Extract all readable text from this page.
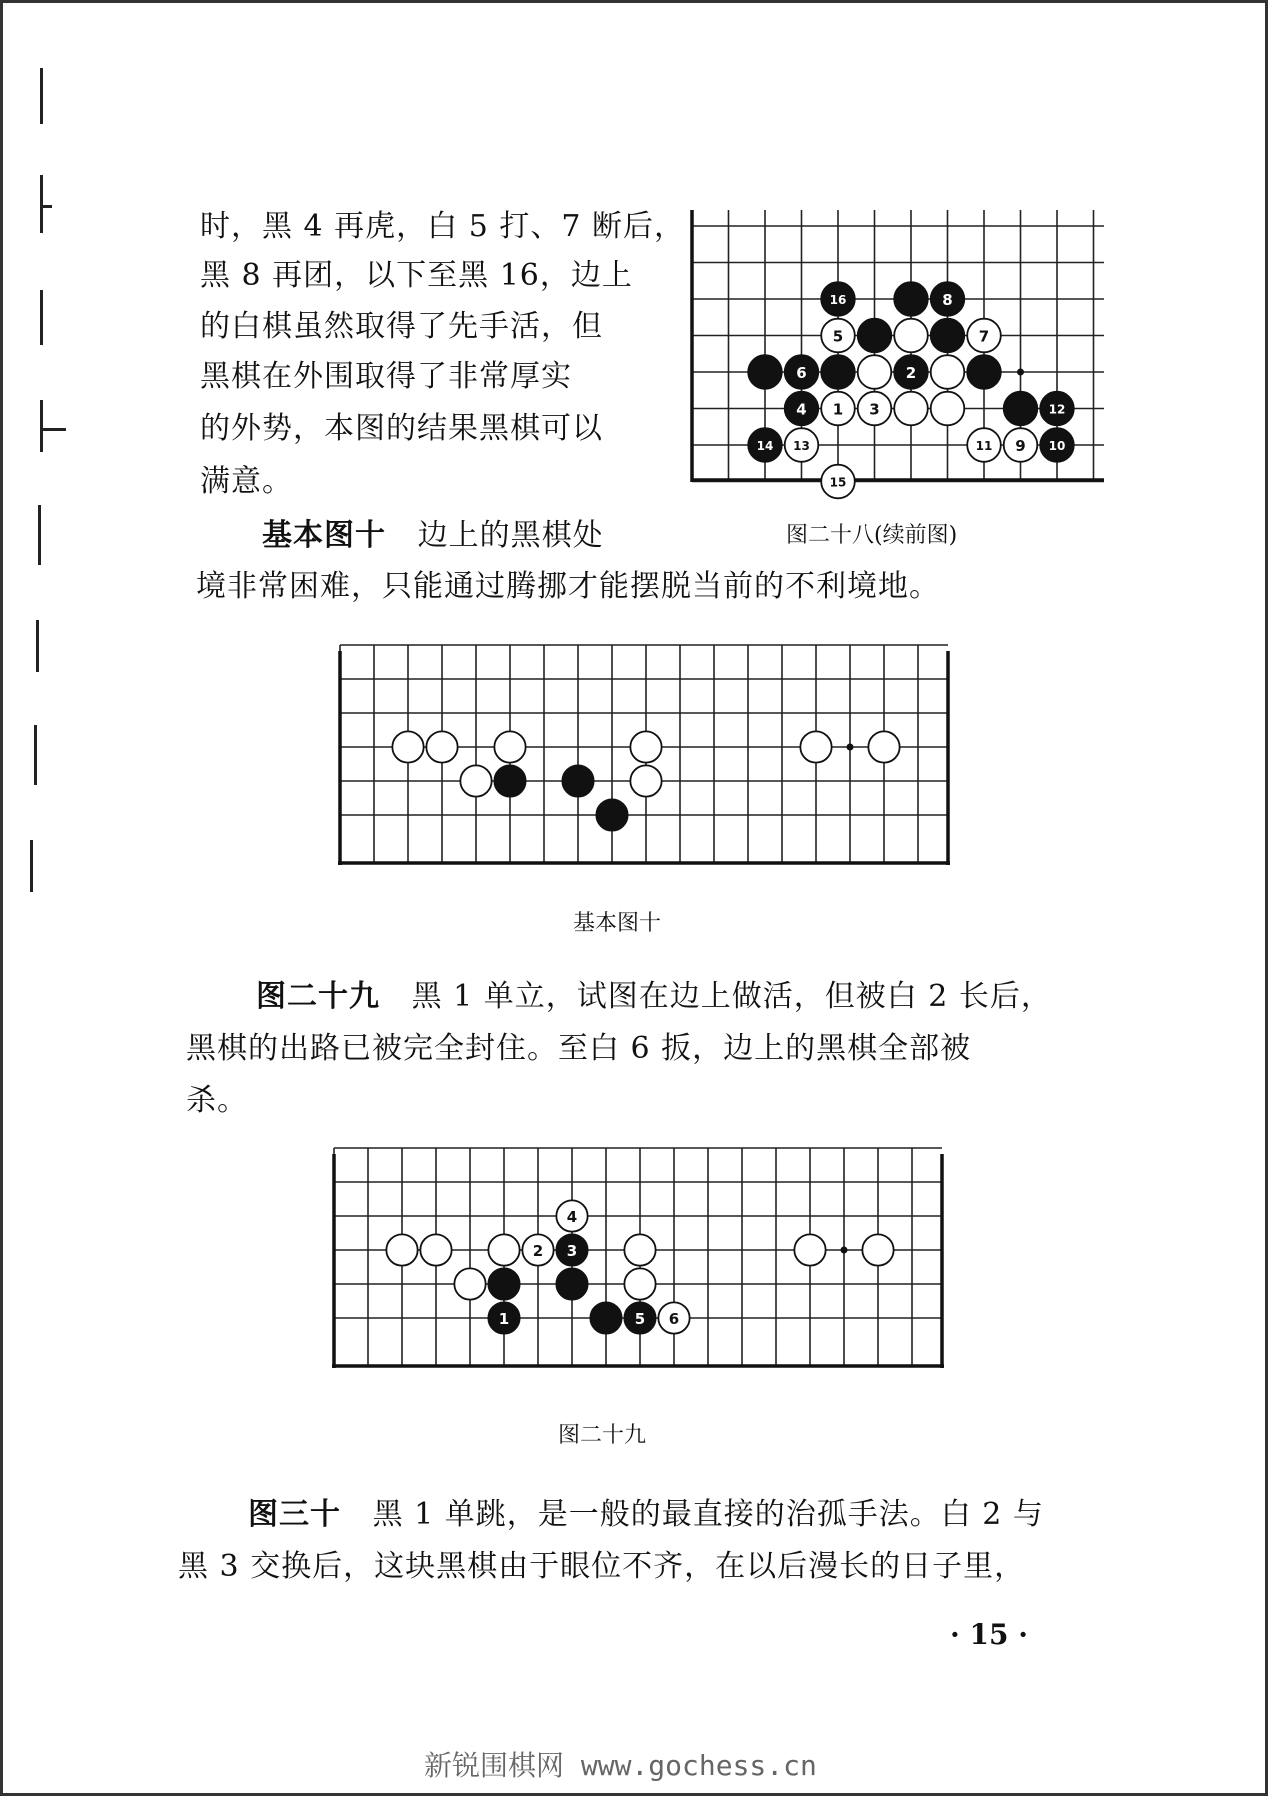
时，黑 4 再虎，白 5 打、7 断后，
黑 8 再团，以下至黑 16，边上
的白棋虽然取得了先手活，但
黑棋在外围取得了非常厚实
的外势，本图的结果黑棋可以
满意。
16	8
5	7
6	2
4 1 3	12
14 13	11 9 10
15
图二十八(续前图)
基本图十 边上的黑棋处
境非常困难，只能通过腾挪才能摆脱当前的不利境地。
基本图十
图二十九 黑 1 单立，试图在边上做活，但被白 2 长后，
黑棋的出路已被完全封住。至白 6 扳，边上的黑棋全部被
杀。
4
2 3
1	5 6
图二十九
图三十 黑 1 单跳，是一般的最直接的治孤手法。白 2 与
黑 3 交换后，这块黑棋由于眼位不齐，在以后漫长的日子里，
· 15 ·
新锐围棋网 www.gochess.cn
